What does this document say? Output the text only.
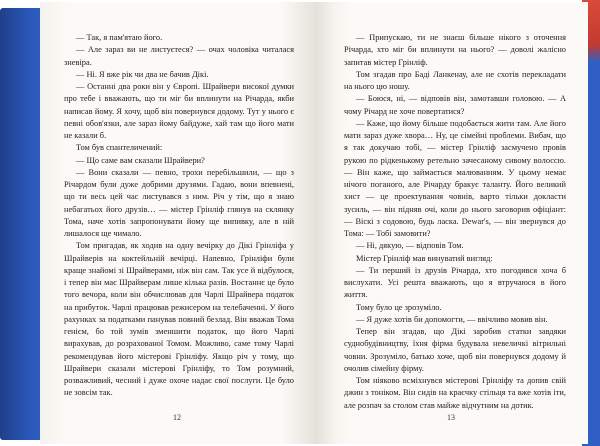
— Так, я пам'ятаю його.

— Але зараз ви не листуєтеся? — очах чоловіка читалася зневіра.

— Ні. Я вже рік чи два не бачив Дікі.

— Останні два роки він у Європі. Шрайвери високої думки про тебе і вважають, що ти міг би вплинути на Річарда, якби написав йому. Я хочу, щоб він повернувся додому. Тут у нього є певні обов'язки, але зараз йому байдуже, хай там що його мати не казали б.

Том був спантеличений:

— Що саме вам сказали Шрайвери?

— Вони сказали — певно, трохи перебільшили, — що з Річардом були дуже добрими друзями. Гадаю, вони впевнені, що ти весь цей час листувався з ним. Річ у тім, що я знаю небагатьох його друзів… — містер Грінліф глянув на склянку Тома, наче хотів запропонувати йому ще випивку, але в ній лишалося ще чимало.

Том пригадав, як ходив на одну вечірку до Дікі Грінліфа у Шрайверів на коктейльній вечірці. Напевно, Грінліфи були краще знайомі зі Шрайверами, ніж він сам. Так усе й відбулося, і тепер він має Шрайверам лише кілька разів. Востаннє це було того вечора, коли він обчислював для Чарлі Шрайвера податок на прибуток. Чарлі працював режисером на телебаченні. У його рахунках за податками панував повний безлад. Він вважав Тома генієм, бо той зумів зменшити податок, що його Чарлі вирахував, до розрахованої Томом. Можливо, саме тому Чарлі рекомендував його містерові Грінліфу. Якщо річ у тому, що Шрайвери сказали містерові Грінліфу, то Том розумний, розважливий, чесний і дуже охоче надає свої послуги. Це було не зовсім так.

12

— Припускаю, ти не знаєш більше нікого з оточення Річарда, хто міг би вплинути на нього? — доволі жалісно запитав містер Грінліф.

Том згадав про Баді Ланкенау, але не схотів перекладати на нього цю ношу.

— Боюся, ні, — відповів він, замотавши головою. — А чому Річард не хоче повертатися?

— Каже, що йому більше подобається жити там. Але його мати зараз дуже хвора… Ну, це сімейні проблеми. Вибач, що я так докучаю тобі, — містер Грінліф засмучено провів рукою по рідкенькому ретельно зачесаному сивому волоссю. — Він каже, що займається малюванням. У цьому немає нічого поганого, але Річарду бракує таланту. Його великий хист — це проектування човнів, варто тільки докласти зусиль, — він підняв очі, коли до нього заговорив офіціант: — Віскі з содовою, будь ласка. Dewar's, — він звернувся до Тома: — Тобі замовити?

— Ні, дякую, — відповів Том.

Містер Грінліф мав винуватий вигляд:

— Ти перший із друзів Річарда, хто погодився хоча б вислухати. Усі решта вважають, що я втручаюся в його життя.

Тому було це зрозуміло.

— Я дуже хотів би допомогти, — ввічливо мовив він.

Тепер він згадав, що Дікі заробив статки завдяки суднобудівництву, їхня фірма будувала невеличкі вітрильні човни. Зрозуміло, батько хоче, щоб він повернувся додому й очолив сімейну фірму.

Том ніяково всміхнувся містерові Грінліфу та допив свій джин з тоніком. Він сидів на краєчку стільця та вже хотів іти, але розпач за столом став майже відчутним на дотик.

13
